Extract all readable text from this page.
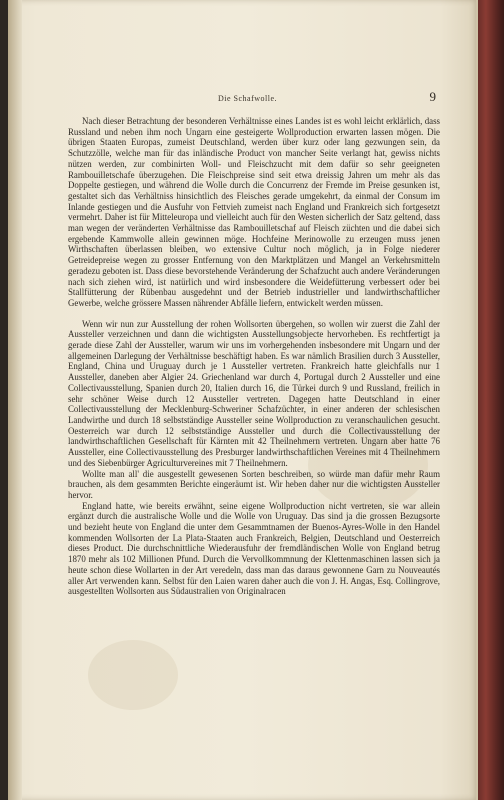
Die Schafwolle.	9

Nach dieser Betrachtung der besonderen Verhältnisse eines Landes ist es wohl leicht erklärlich, dass Russland und neben ihm noch Ungarn eine gesteigerte Wollproduction erwarten lassen mögen. Die übrigen Staaten Europas, zumeist Deutschland, werden über kurz oder lang gezwungen sein, da Schutzzölle, welche man für das inländische Product von mancher Seite verlangt hat, gewiss nichts nützen werden, zur combinirten Woll- und Fleischzucht mit dem dafür so sehr geeigneten Rambouilletschafe überzugehen. Die Fleischpreise sind seit etwa dreissig Jahren um mehr als das Doppelte gestiegen, und während die Wolle durch die Concurrenz der Fremde im Preise gesunken ist, gestaltet sich das Verhältniss hinsichtlich des Fleisches gerade umgekehrt, da einmal der Consum im Inlande gestiegen und die Ausfuhr von Fettvieh zumeist nach England und Frankreich sich fortgesetzt vermehrt. Daher ist für Mitteleuropa und vielleicht auch für den Westen sicherlich der Satz geltend, dass man wegen der veränderten Verhältnisse das Rambouilletschaf auf Fleisch züchten und die dabei sich ergebende Kammwolle allein gewinnen möge. Hochfeine Merinowolle zu erzeugen muss jenen Wirthschaften überlassen bleiben, wo extensive Cultur noch möglich, ja in Folge niederer Getreidepreise wegen zu grosser Entfernung von den Marktplätzen und Mangel an Verkehrsmitteln geradezu geboten ist. Dass diese bevorstehende Veränderung der Schafzucht auch andere Veränderungen nach sich ziehen wird, ist natürlich und wird insbesondere die Weidefütterung verbessert oder bei Stallfütterung der Rübenbau ausgedehnt und der Betrieb industrieller und landwirthschaftlicher Gewerbe, welche grössere Massen nährender Abfälle liefern, entwickelt werden müssen.

Wenn wir nun zur Ausstellung der rohen Wollsorten übergehen, so wollen wir zuerst die Zahl der Aussteller verzeichnen und dann die wichtigsten Ausstellungsobjecte hervorheben. Es rechtfertigt ja gerade diese Zahl der Aussteller, warum wir uns im vorhergehenden insbesondere mit Ungarn und der allgemeinen Darlegung der Verhältnisse beschäftigt haben. Es war nämlich Brasilien durch 3 Aussteller, England, China und Uruguay durch je 1 Aussteller vertreten. Frankreich hatte gleichfalls nur 1 Aussteller, daneben aber Algier 24. Griechenland war durch 4, Portugal durch 2 Aussteller und eine Collectivausstellung, Spanien durch 20, Italien durch 16, die Türkei durch 9 und Russland, freilich in sehr schöner Weise durch 12 Aussteller vertreten. Dagegen hatte Deutschland in einer Collectivausstellung der Mecklenburg-Schweriner Schafzüchter, in einer anderen der schlesischen Landwirthe und durch 18 selbstständige Aussteller seine Wollproduction zu veranschaulichen gesucht. Oesterreich war durch 12 selbstständige Aussteller und durch die Collectivausstellung der landwirthschaftlichen Gesellschaft für Kärnten mit 42 Theilnehmern vertreten. Ungarn aber hatte 76 Aussteller, eine Collectivausstellung des Presburger landwirthschaftlichen Vereines mit 4 Theilnehmern und des Siebenbürger Agriculturvereines mit 7 Theilnehmern.

Wollte man all' die ausgestellt gewesenen Sorten beschreiben, so würde man dafür mehr Raum brauchen, als dem gesammten Berichte eingeräumt ist. Wir heben daher nur die wichtigsten Aussteller hervor.

England hatte, wie bereits erwähnt, seine eigene Wollproduction nicht vertreten, sie war allein ergänzt durch die australische Wolle und die Wolle von Uruguay. Das sind ja die grossen Bezugsorte und bezieht heute von England die unter dem Gesammtnamen der Buenos-Ayres-Wolle in den Handel kommenden Wollsorten der La Plata-Staaten auch Frankreich, Belgien, Deutschland und Oesterreich dieses Product. Die durchschnittliche Wiederausfuhr der fremdländischen Wolle von England betrug 1870 mehr als 102 Millionen Pfund. Durch die Vervollkommnung der Klettenmaschinen lassen sich ja heute schon diese Wollarten in der Art veredeln, dass man das daraus gewonnene Garn zu Nouveautés aller Art verwenden kann. Selbst für den Laien waren daher auch die von J. H. Angas, Esq. Collingrove, ausgestellten Wollsorten aus Südaustralien von Originalracen
